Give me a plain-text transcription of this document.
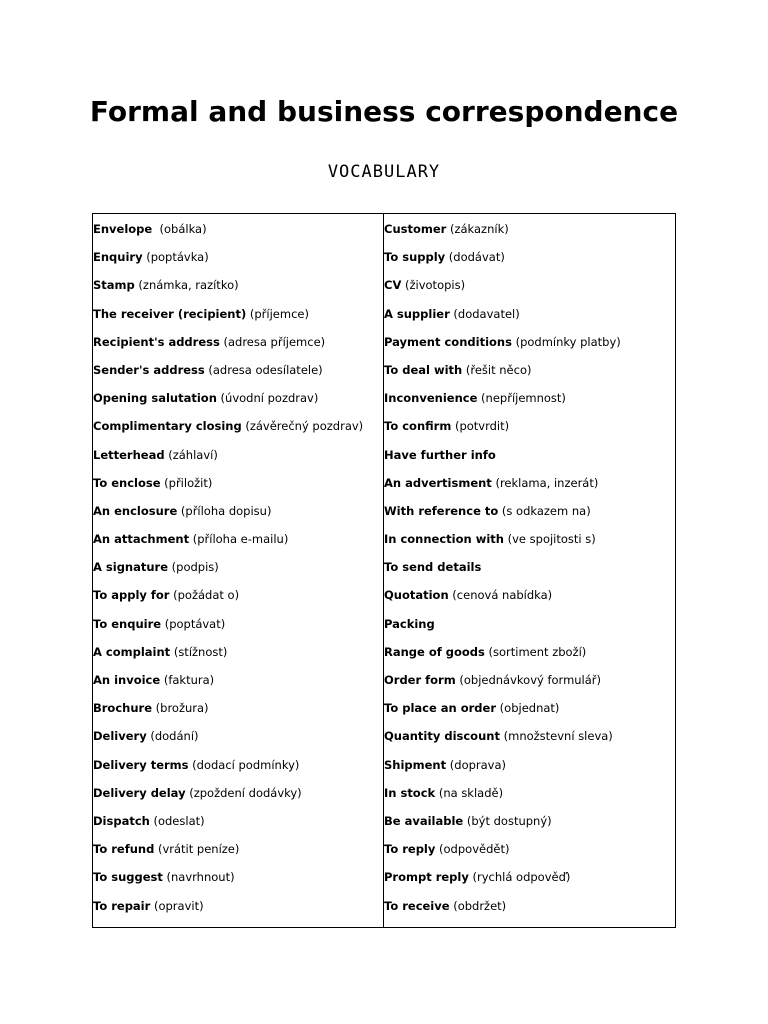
Formal and business correspondence
VOCABULARY
Envelope  (obálka)
Enquiry (poptávka)
Stamp (známka, razítko)
The receiver (recipient) (příjemce)
Recipient's address (adresa příjemce)
Sender's address (adresa odesílatele)
Opening salutation (úvodní pozdrav)
Complimentary closing (závěrečný pozdrav)
Letterhead (záhlaví)
To enclose (přiložit)
An enclosure (příloha dopisu)
An attachment (příloha e-mailu)
A signature (podpis)
To apply for (požádat o)
To enquire (poptávat)
A complaint (stížnost)
An invoice (faktura)
Brochure (brožura)
Delivery (dodání)
Delivery terms (dodací podmínky)
Delivery delay (zpoždení dodávky)
Dispatch (odeslat)
To refund (vrátit peníze)
To suggest (navrhnout)
To repair (opravit)
Customer (zákazník)
To supply (dodávat)
CV (životopis)
A supplier (dodavatel)
Payment conditions (podmínky platby)
To deal with (řešit něco)
Inconvenience (nepříjemnost)
To confirm (potvrdit)
Have further info
An advertisment (reklama, inzerát)
With reference to (s odkazem na)
In connection with (ve spojitosti s)
To send details
Quotation (cenová nabídka)
Packing
Range of goods (sortiment zboží)
Order form (objednávkový formulář)
To place an order (objednat)
Quantity discount (množstevní sleva)
Shipment (doprava)
In stock (na skladě)
Be available (být dostupný)
To reply (odpovědět)
Prompt reply (rychlá odpověď)
To receive (obdržet)
